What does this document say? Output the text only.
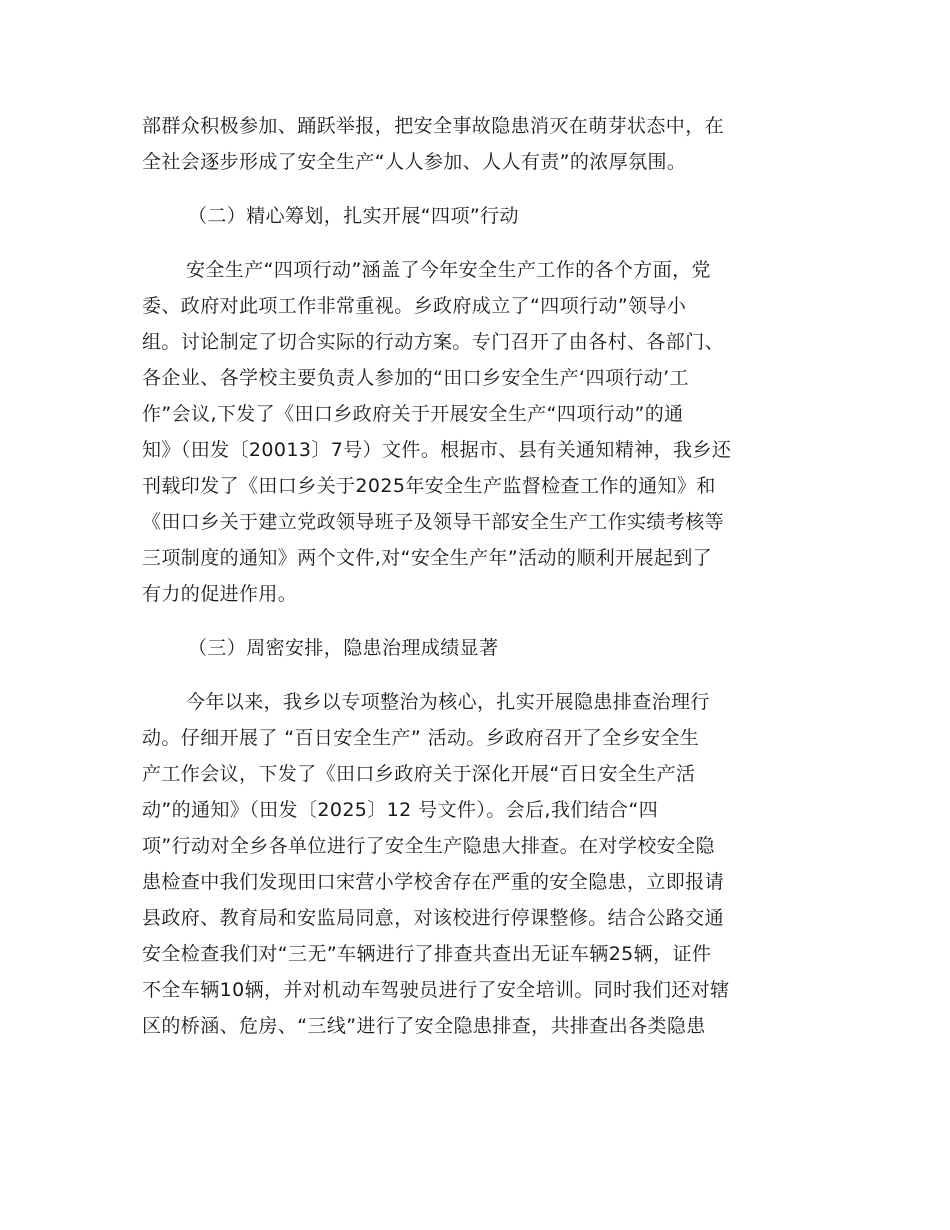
部群众积极参加、踊跃举报，把安全事故隐患消灭在萌芽状态中，在
全社会逐步形成了安全生产“人人参加、人人有责”的浓厚氛围。
（二）精心筹划，扎实开展“四项”行动
安全生产“四项行动”涵盖了今年安全生产工作的各个方面，党
委、政府对此项工作非常重视。乡政府成立了“四项行动”领导小
组。讨论制定了切合实际的行动方案。专门召开了由各村、各部门、
各企业、各学校主要负责人参加的“田口乡安全生产‘四项行动’工
作”会议,下发了《田口乡政府关于开展安全生产“四项行动”的通
知》（田发〔20013〕7号）文件。根据市、县有关通知精神，我乡还
刊载印发了《田口乡关于2025年安全生产监督检查工作的通知》和
《田口乡关于建立党政领导班子及领导干部安全生产工作实绩考核等
三项制度的通知》两个文件,对“安全生产年”活动的顺利开展起到了
有力的促进作用。
（三）周密安排，隐患治理成绩显著
今年以来，我乡以专项整治为核心，扎实开展隐患排查治理行
动。仔细开展了 “百日安全生产” 活动。乡政府召开了全乡安全生
产工作会议，下发了《田口乡政府关于深化开展“百日安全生产活
动”的通知》（田发〔2025〕12 号文件）。会后,我们结合“四
项”行动对全乡各单位进行了安全生产隐患大排查。在对学校安全隐
患检查中我们发现田口宋营小学校舍存在严重的安全隐患，立即报请
县政府、教育局和安监局同意，对该校进行停课整修。结合公路交通
安全检查我们对“三无”车辆进行了排查共查出无证车辆25辆，证件
不全车辆10辆，并对机动车驾驶员进行了安全培训。同时我们还对辖
区的桥涵、危房、“三线”进行了安全隐患排查，共排查出各类隐患
